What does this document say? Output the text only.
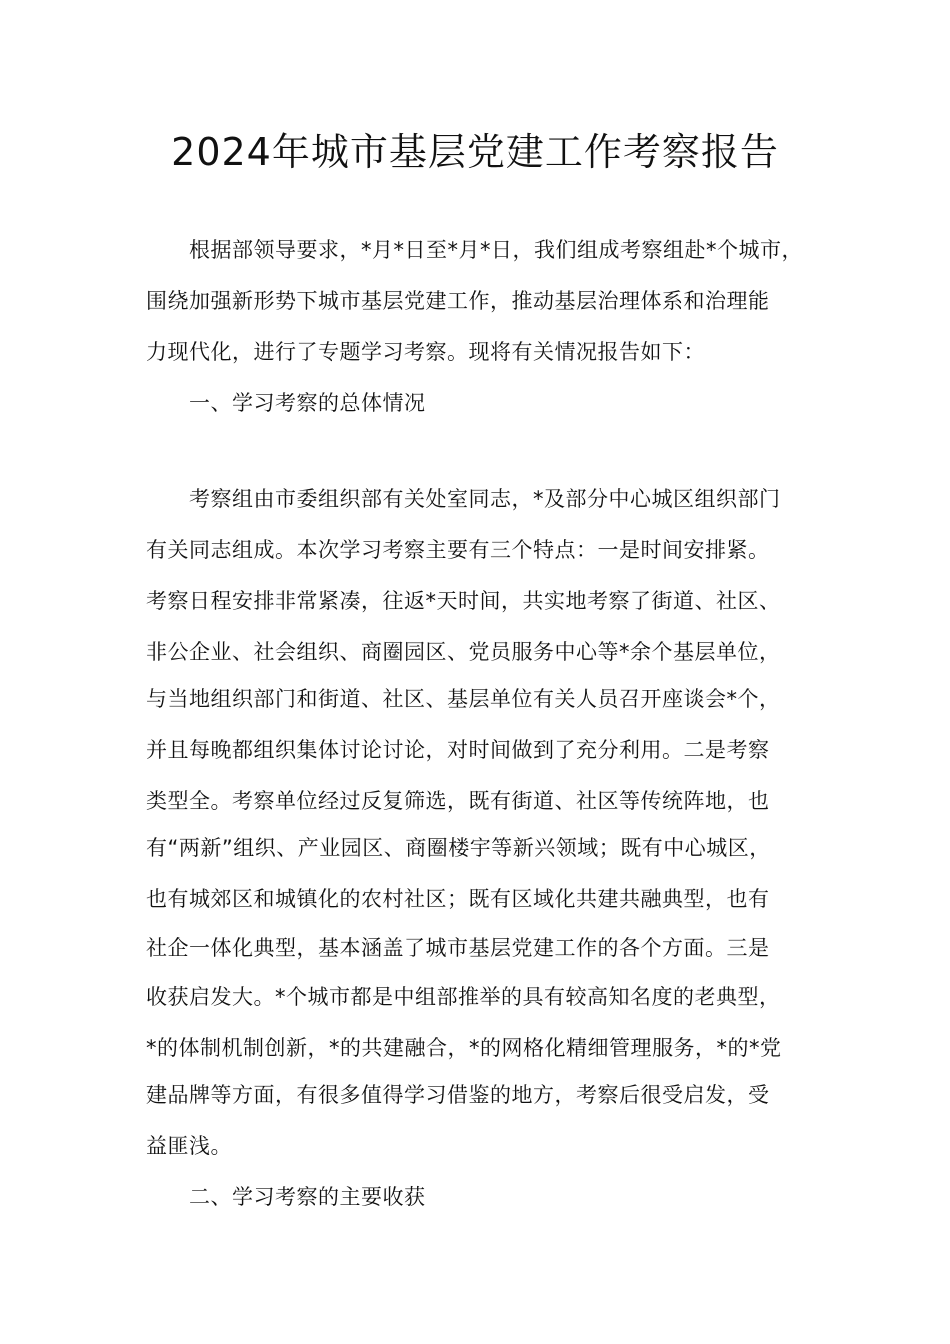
2024年城市基层党建工作考察报告

根据部领导要求，*月*日至*月*日，我们组成考察组赴*个城市，

围绕加强新形势下城市基层党建工作，推动基层治理体系和治理能

力现代化，进行了专题学习考察。现将有关情况报告如下：

一、学习考察的总体情况

考察组由市委组织部有关处室同志，*及部分中心城区组织部门

有关同志组成。本次学习考察主要有三个特点：一是时间安排紧。

考察日程安排非常紧凑，往返*天时间，共实地考察了街道、社区、

非公企业、社会组织、商圈园区、党员服务中心等*余个基层单位，

与当地组织部门和街道、社区、基层单位有关人员召开座谈会*个，

并且每晚都组织集体讨论讨论，对时间做到了充分利用。二是考察

类型全。考察单位经过反复筛选，既有街道、社区等传统阵地，也

有“两新”组织、产业园区、商圈楼宇等新兴领域；既有中心城区，

也有城郊区和城镇化的农村社区；既有区域化共建共融典型，也有

社企一体化典型，基本涵盖了城市基层党建工作的各个方面。三是

收获启发大。*个城市都是中组部推举的具有较高知名度的老典型，

*的体制机制创新，*的共建融合，*的网格化精细管理服务，*的*党

建品牌等方面，有很多值得学习借鉴的地方，考察后很受启发，受

益匪浅。

二、学习考察的主要收获
